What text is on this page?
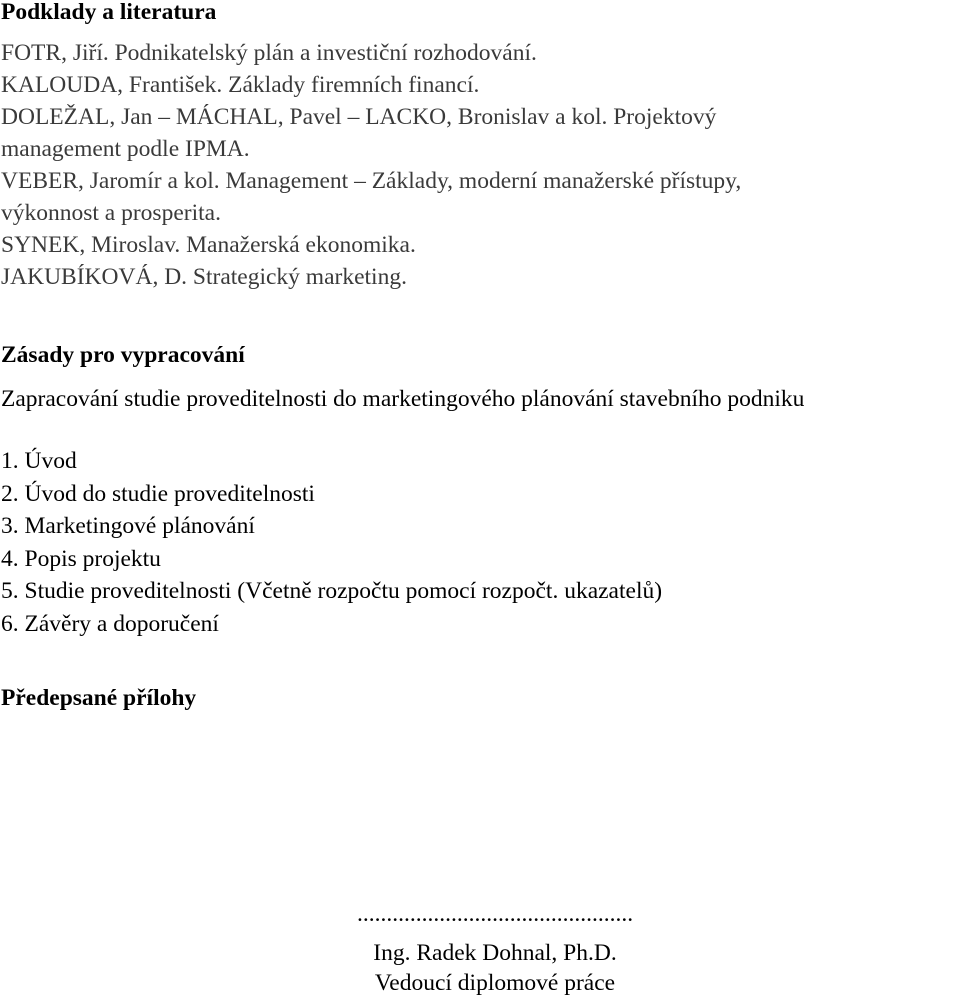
Podklady a literatura
FOTR, Jiří. Podnikatelský plán a investiční rozhodování.
KALOUDA, František. Základy firemních financí.
DOLEŽAL, Jan – MÁCHAL, Pavel – LACKO, Bronislav a kol. Projektový
management podle IPMA.
VEBER, Jaromír a kol. Management – Základy, moderní manažerské přístupy,
výkonnost a prosperita.
SYNEK, Miroslav. Manažerská ekonomika.
JAKUBÍKOVÁ, D. Strategický marketing.
Zásady pro vypracování

Zapracování studie proveditelnosti do marketingového plánování stavebního podniku

1. Úvod
2. Úvod do studie proveditelnosti
3. Marketingové plánování
4. Popis projektu
5. Studie proveditelnosti (Včetně rozpočtu pomocí rozpočt. ukazatelů)
6. Závěry a doporučení
Předepsané přílohy

...............................................

Ing. Radek Dohnal, Ph.D.

Vedoucí diplomové práce
